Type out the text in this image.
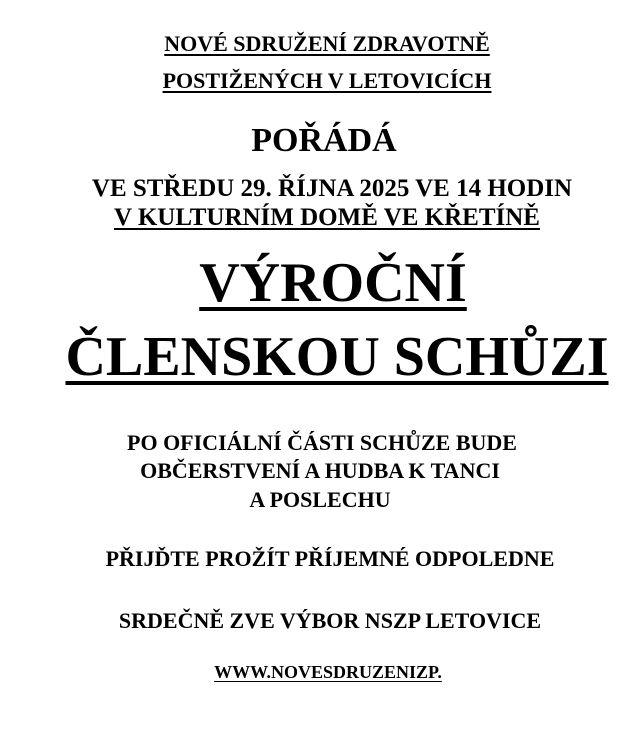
NOVÉ SDRUŽENÍ ZDRAVOTNĚ
POSTIŽENÝCH V LETOVICÍCH
POŘÁDÁ
VE STŘEDU 29. ŘÍJNA 2025 VE 14 HODIN
V KULTURNÍM DOMĚ VE KŘETÍNĚ
VÝROČNÍ
ČLENSKOU SCHŮZI
PO OFICIÁLNÍ ČÁSTI SCHŮZE BUDE
OBČERSTVENÍ A HUDBA K TANCI
A POSLECHU
PŘIJĎTE PROŽÍT PŘÍJEMNÉ ODPOLEDNE
SRDEČNĚ ZVE VÝBOR NSZP LETOVICE
WWW.NOVESDRUZENIZP.
